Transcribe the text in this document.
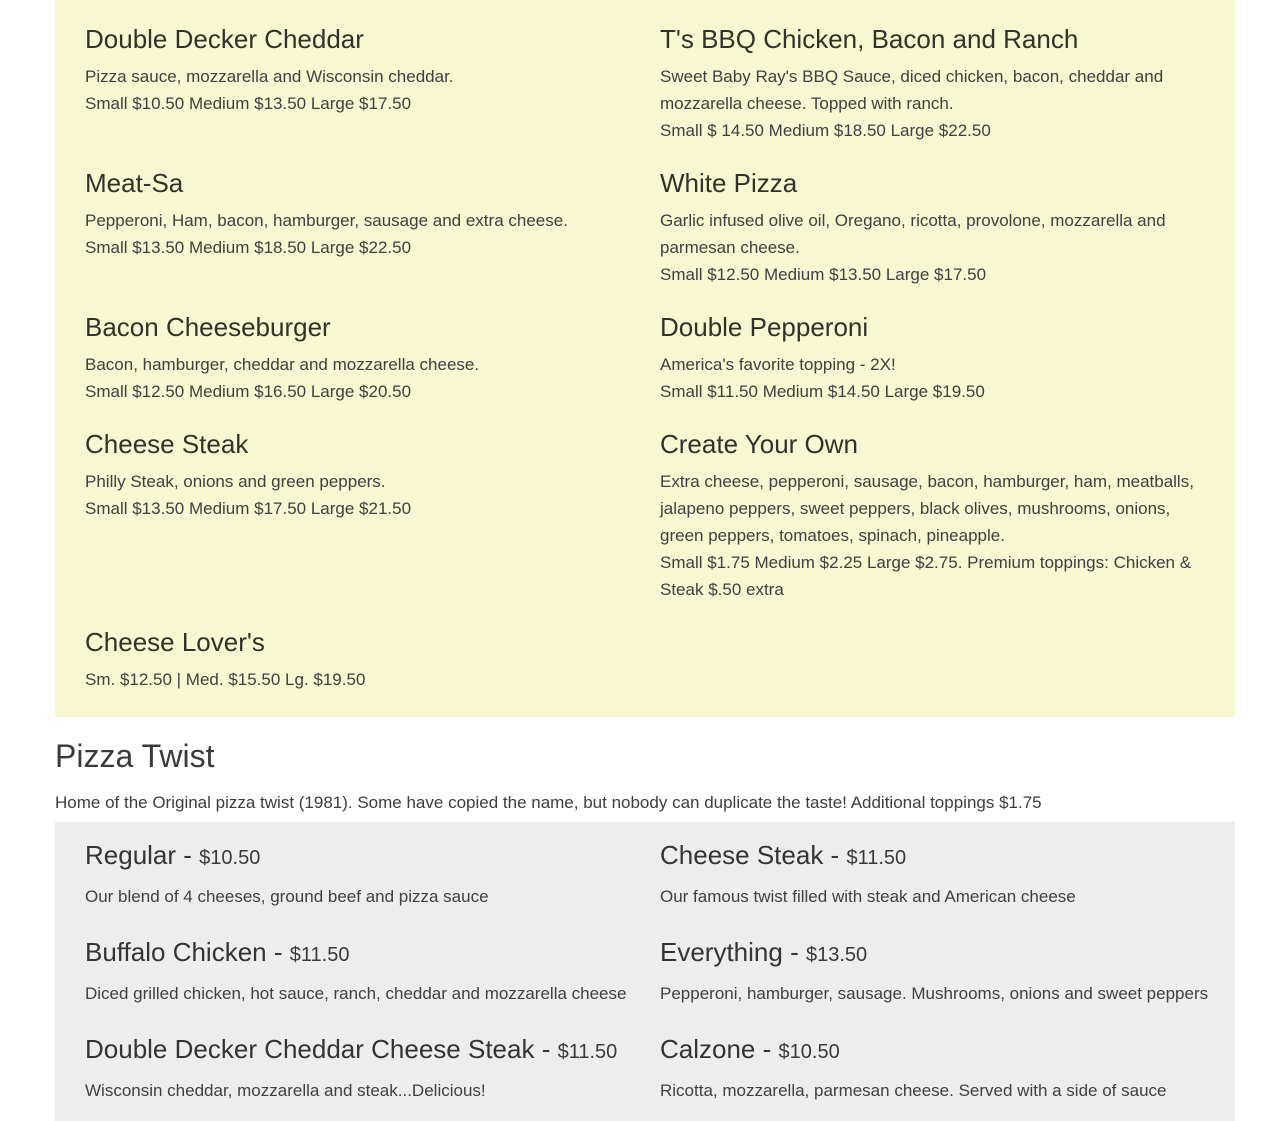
Double Decker Cheddar
Pizza sauce, mozzarella and Wisconsin cheddar.
Small $10.50 Medium $13.50 Large $17.50
T's BBQ Chicken, Bacon and Ranch
Sweet Baby Ray's BBQ Sauce, diced chicken, bacon, cheddar and mozzarella cheese. Topped with ranch.
Small $ 14.50 Medium $18.50 Large $22.50
Meat-Sa
Pepperoni, Ham, bacon, hamburger, sausage and extra cheese.
Small $13.50 Medium $18.50 Large $22.50
White Pizza
Garlic infused olive oil, Oregano, ricotta, provolone, mozzarella and parmesan cheese.
Small $12.50 Medium $13.50 Large $17.50
Bacon Cheeseburger
Bacon, hamburger, cheddar and mozzarella cheese.
Small $12.50 Medium $16.50 Large $20.50
Double Pepperoni
America's favorite topping - 2X!
Small $11.50 Medium $14.50 Large $19.50
Cheese Steak
Philly Steak, onions and green peppers.
Small $13.50 Medium $17.50 Large $21.50
Create Your Own
Extra cheese, pepperoni, sausage, bacon, hamburger, ham, meatballs, jalapeno peppers, sweet peppers, black olives, mushrooms, onions, green peppers, tomatoes, spinach, pineapple.
Small $1.75 Medium $2.25 Large $2.75. Premium toppings: Chicken & Steak $.50 extra
Cheese Lover's
Sm. $12.50 | Med. $15.50 Lg. $19.50
Pizza Twist

Home of the Original pizza twist (1981). Some have copied the name, but nobody can duplicate the taste! Additional toppings $1.75

Regular - $10.50
Our blend of 4 cheeses, ground beef and pizza sauce
Cheese Steak - $11.50
Our famous twist filled with steak and American cheese
Buffalo Chicken - $11.50
Diced grilled chicken, hot sauce, ranch, cheddar and mozzarella cheese
Everything - $13.50
Pepperoni, hamburger, sausage. Mushrooms, onions and sweet peppers
Double Decker Cheddar Cheese Steak - $11.50
Wisconsin cheddar, mozzarella and steak...Delicious!
Calzone - $10.50
Ricotta, mozzarella, parmesan cheese. Served with a side of sauce
